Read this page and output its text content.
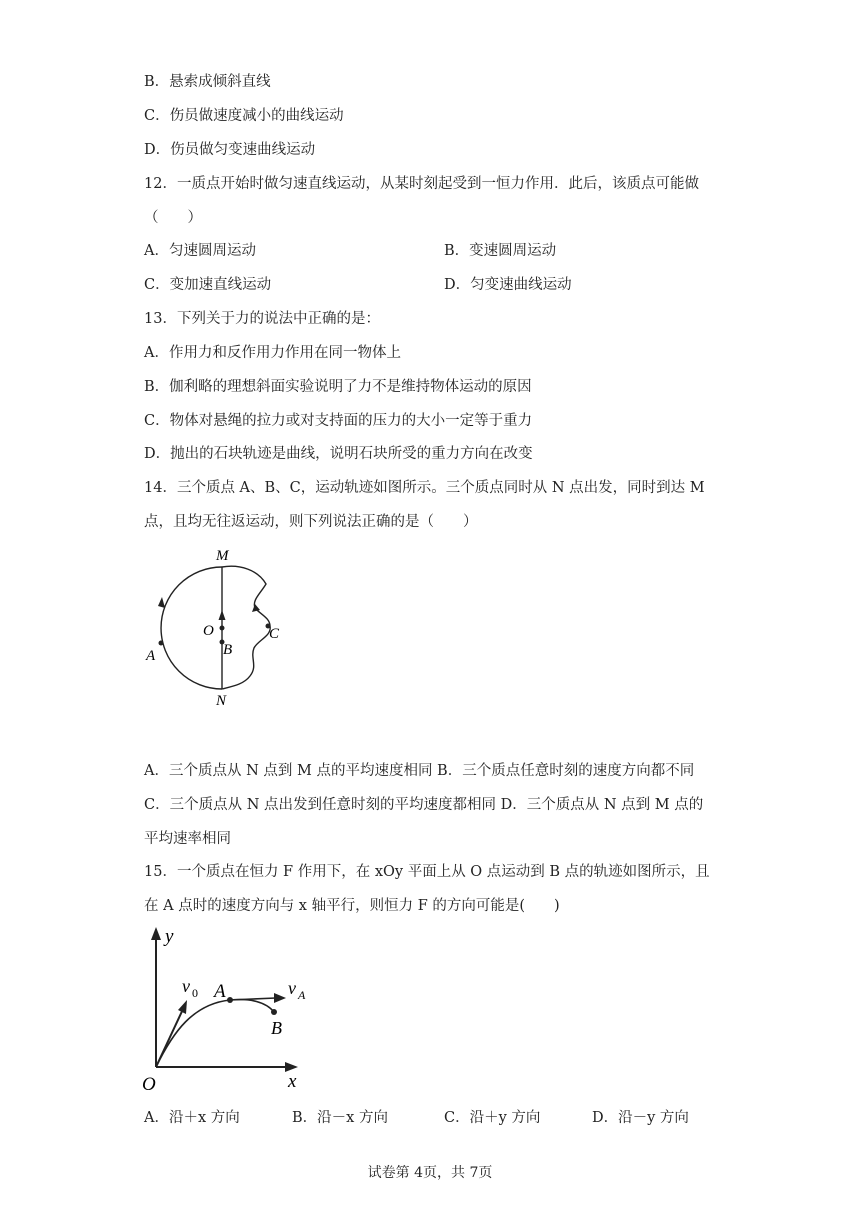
B．悬索成倾斜直线
C．伤员做速度减小的曲线运动
D．伤员做匀变速曲线运动
12．一质点开始时做匀速直线运动，从某时刻起受到一恒力作用．此后，该质点可能做
（　　）
A．匀速圆周运动	B．变速圆周运动
C．变加速直线运动	D．匀变速曲线运动
13．下列关于力的说法中正确的是：
A．作用力和反作用力作用在同一物体上
B．伽利略的理想斜面实验说明了力不是维持物体运动的原因
C．物体对悬绳的拉力或对支持面的压力的大小一定等于重力
D．抛出的石块轨迹是曲线，说明石块所受的重力方向在改变
14．三个质点 A、B、C，运动轨迹如图所示。三个质点同时从 N 点出发，同时到达 M
点，且均无往返运动，则下列说法正确的是（　　）
M
O
B
A
C
N
A．三个质点从 N 点到 M 点的平均速度相同 B．三个质点任意时刻的速度方向都不同
C．三个质点从 N 点出发到任意时刻的平均速度都相同 D．三个质点从 N 点到 M 点的
平均速率相同
15．一个质点在恒力 F 作用下，在 xOy 平面上从 O 点运动到 B 点的轨迹如图所示，且
在 A 点时的速度方向与 x 轴平行，则恒力 F 的方向可能是(　　)
y
x
O
v 0 A	v A
B
A．沿＋x 方向	B．沿－x 方向	C．沿＋y 方向	D．沿－y 方向
试卷第 4页，共 7页
